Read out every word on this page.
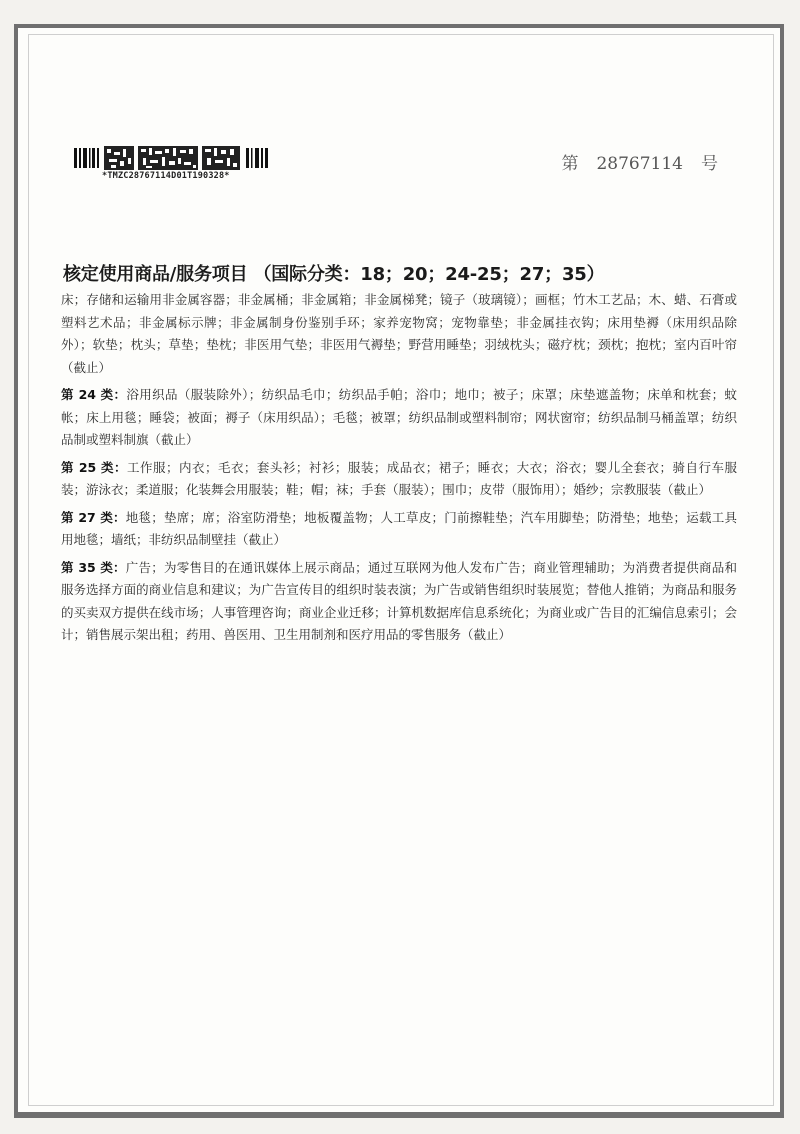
*TMZC28767114D01T190328*
第 28767114 号
核定使用商品/服务项目 （国际分类：18；20；24-25；27；35）
床；存储和运输用非金属容器；非金属桶；非金属箱；非金属梯凳；镜子（玻璃镜）；画框；竹木工艺品；木、蜡、石膏或塑料艺术品；非金属标示牌；非金属制身份鉴别手环；家养宠物窝；宠物靠垫；非金属挂衣钩；床用垫褥（床用织品除外）；软垫；枕头；草垫；垫枕；非医用气垫；非医用气褥垫；野营用睡垫；羽绒枕头；磁疗枕；颈枕；抱枕；室内百叶帘（截止）
第 24 类：浴用织品（服装除外）；纺织品毛巾；纺织品手帕；浴巾；地巾；被子；床罩；床垫遮盖物；床单和枕套；蚊帐；床上用毯；睡袋；被面；褥子（床用织品）；毛毯；被罩；纺织品制或塑料制帘；网状窗帘；纺织品制马桶盖罩；纺织品制或塑料制旗（截止）
第 25 类：工作服；内衣；毛衣；套头衫；衬衫；服装；成品衣；裙子；睡衣；大衣；浴衣；婴儿全套衣；骑自行车服装；游泳衣；柔道服；化装舞会用服装；鞋；帽；袜；手套（服装）；围巾；皮带（服饰用）；婚纱；宗教服装（截止）
第 27 类：地毯；垫席；席；浴室防滑垫；地板覆盖物；人工草皮；门前擦鞋垫；汽车用脚垫；防滑垫；地垫；运载工具用地毯；墙纸；非纺织品制壁挂（截止）
第 35 类：广告；为零售目的在通讯媒体上展示商品；通过互联网为他人发布广告；商业管理辅助；为消费者提供商品和服务选择方面的商业信息和建议；为广告宣传目的组织时装表演；为广告或销售组织时装展览；替他人推销；为商品和服务的买卖双方提供在线市场；人事管理咨询；商业企业迁移；计算机数据库信息系统化；为商业或广告目的汇编信息索引；会计；销售展示架出租；药用、兽医用、卫生用制剂和医疗用品的零售服务（截止）
